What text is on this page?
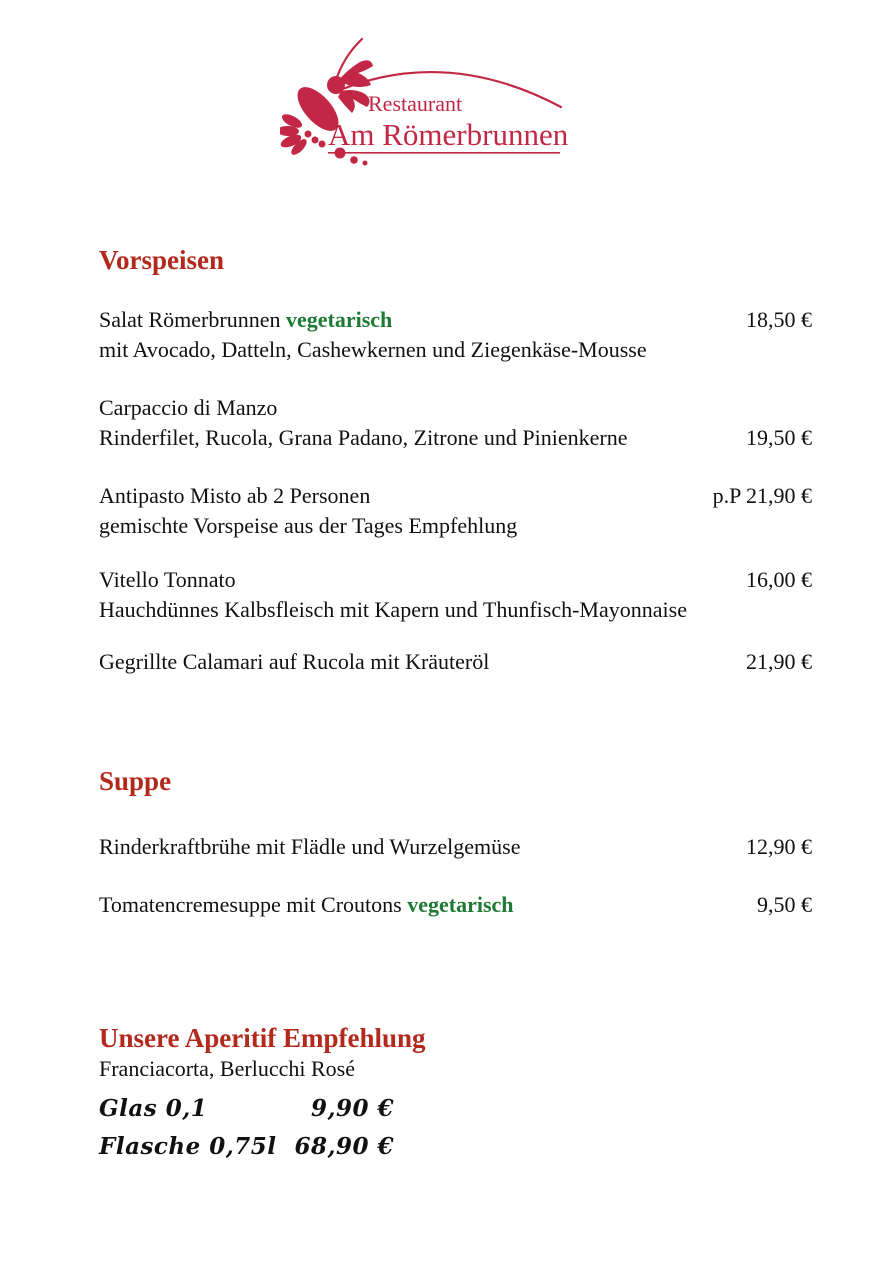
Restaurant
Am Römerbrunnen
Vorspeisen
Salat Römerbrunnen vegetarisch	18,50 €
mit Avocado, Datteln, Cashewkernen und Ziegenkäse-Mousse
Carpaccio di Manzo
Rinderfilet, Rucola, Grana Padano, Zitrone und Pinienkerne	19,50 €
Antipasto Misto ab 2 Personen	p.P 21,90 €
gemischte Vorspeise aus der Tages Empfehlung
Vitello Tonnato	16,00 €
Hauchdünnes Kalbsfleisch mit Kapern und Thunfisch-Mayonnaise
Gegrillte Calamari auf Rucola mit Kräuteröl	21,90 €
Suppe
Rinderkraftbrühe mit Flädle und Wurzelgemüse	12,90 €
Tomatencremesuppe mit Croutons vegetarisch	9,50 €
Unsere Aperitif Empfehlung
Franciacorta, Berlucchi Rosé
Glas 0,1	9,90 €
Flasche 0,75l 68,90 €
